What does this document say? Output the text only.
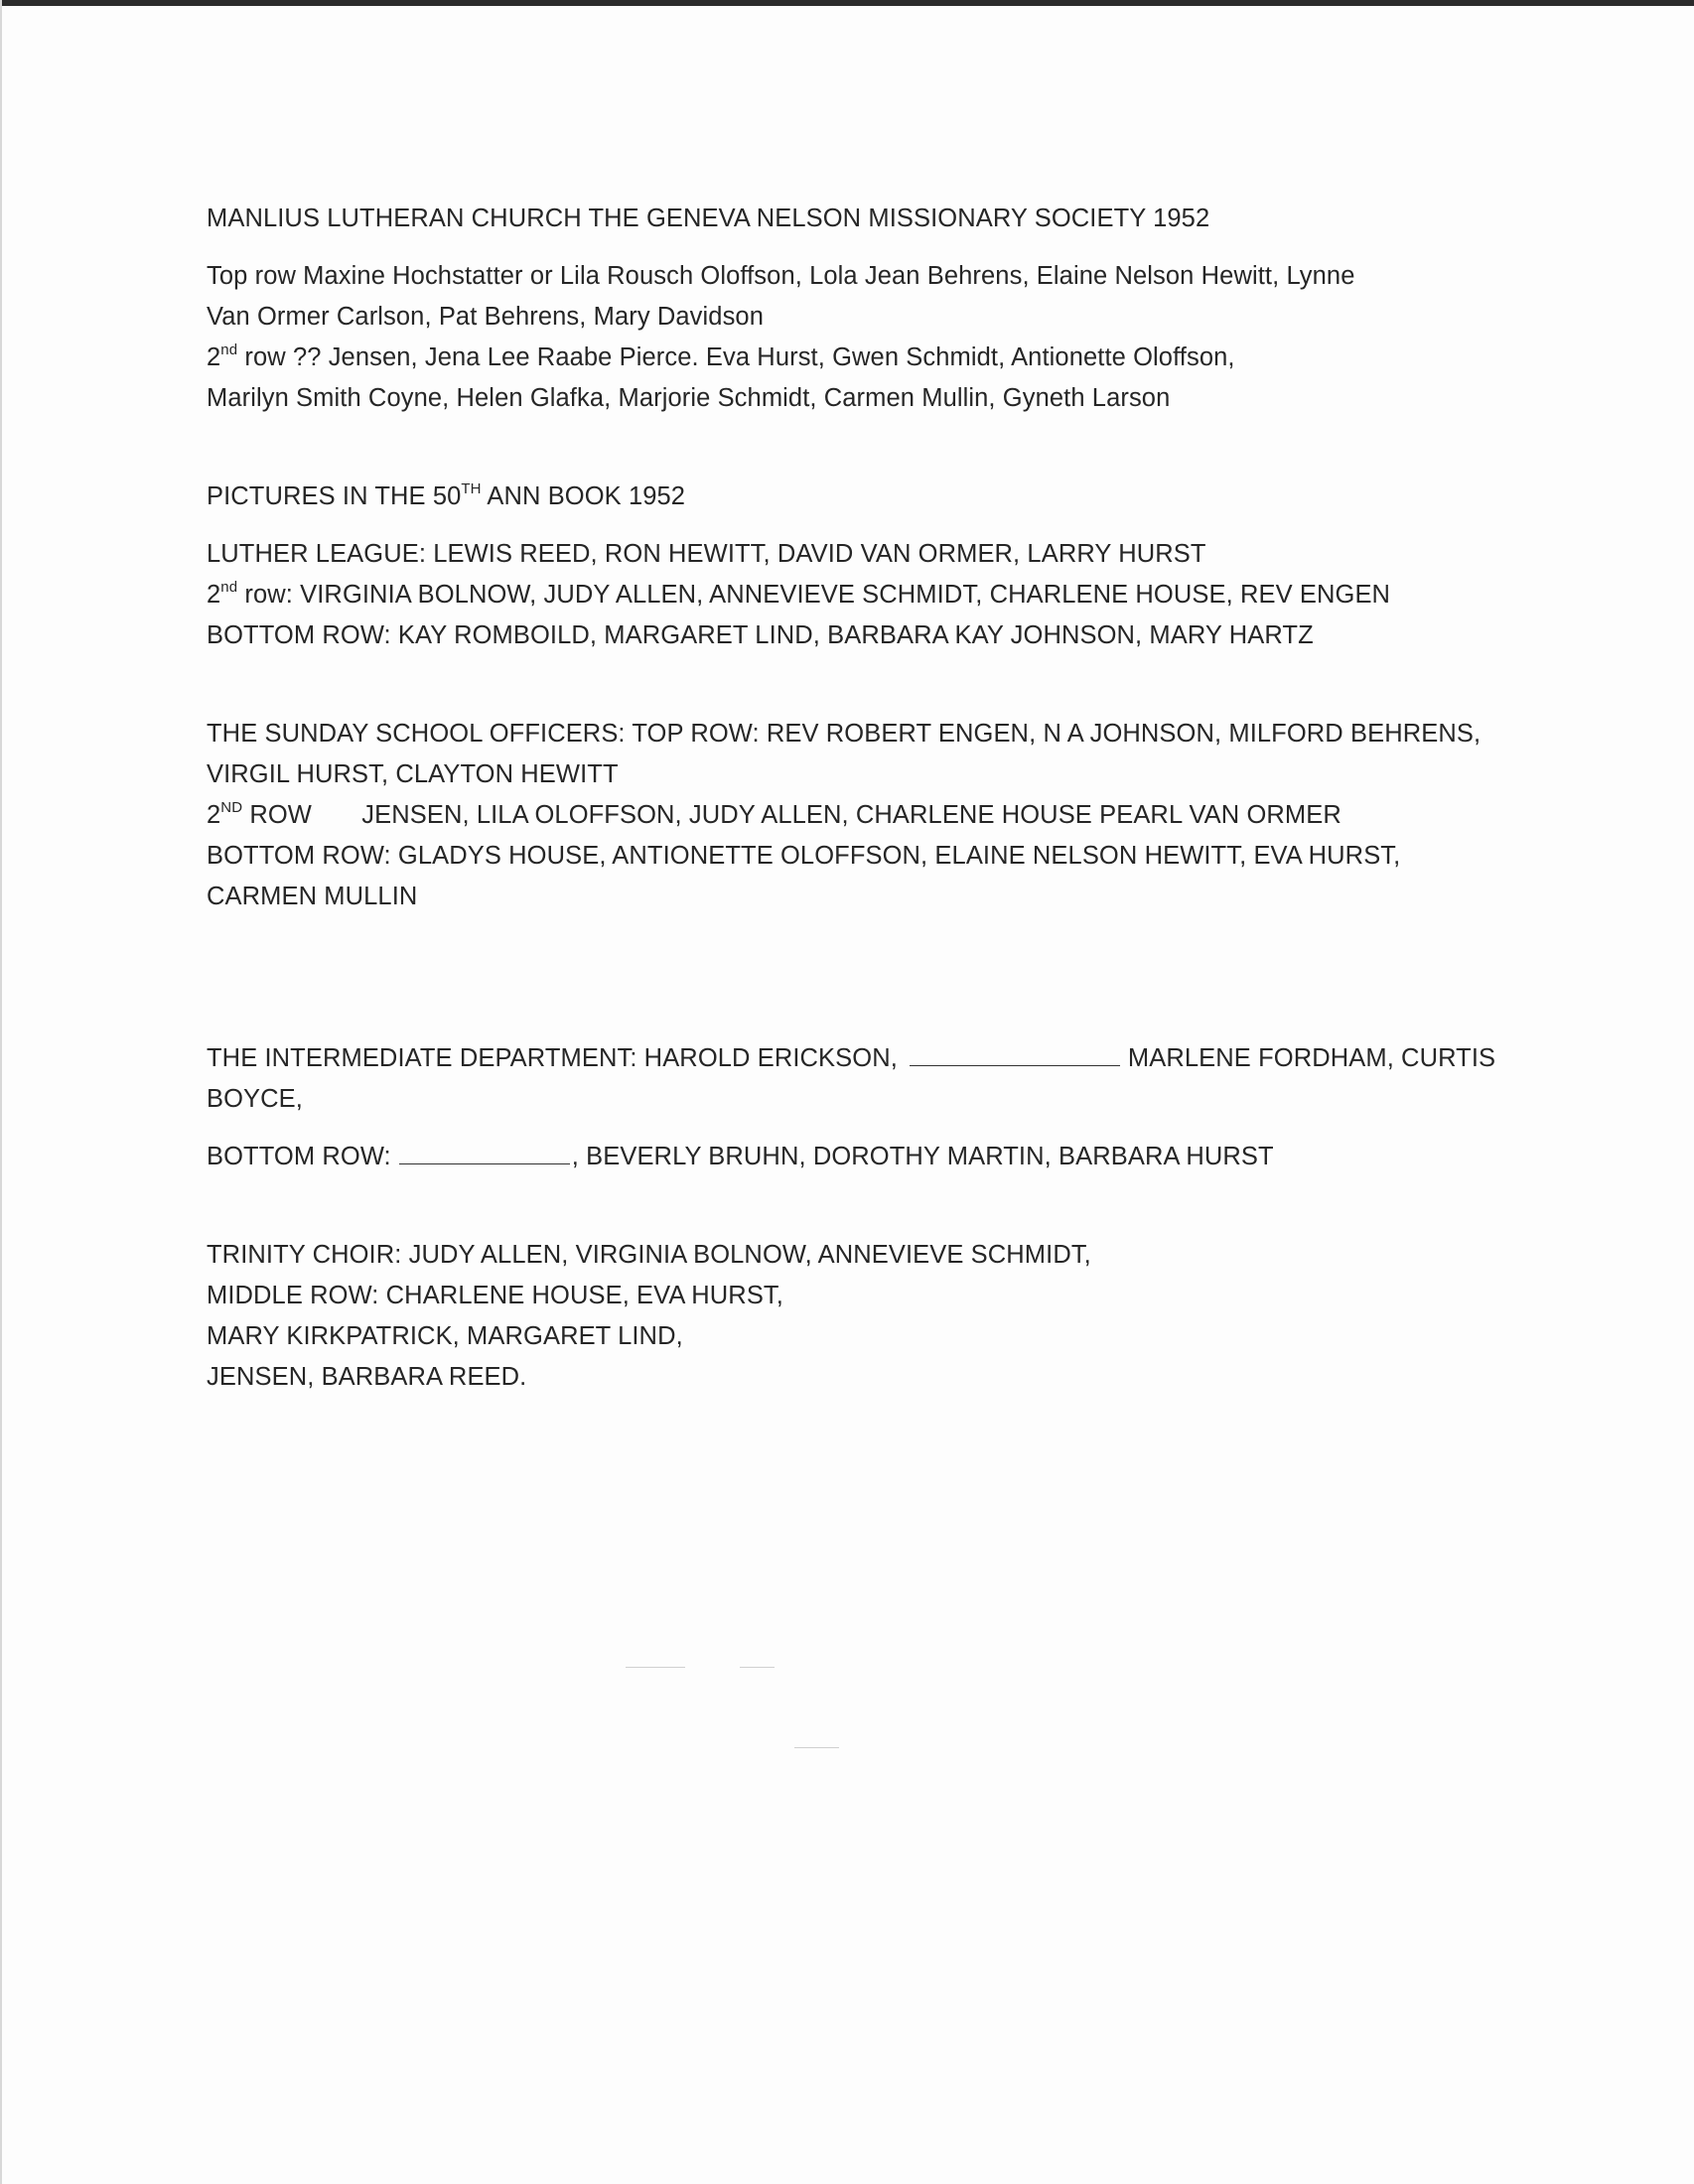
MANLIUS LUTHERAN CHURCH THE GENEVA NELSON MISSIONARY SOCIETY 1952
Top row Maxine Hochstatter or Lila Rousch Oloffson, Lola Jean Behrens, Elaine Nelson Hewitt, Lynne
Van Ormer Carlson, Pat Behrens, Mary Davidson
2nd row ?? Jensen, Jena Lee Raabe Pierce. Eva Hurst, Gwen Schmidt, Antionette Oloffson,
Marilyn Smith Coyne, Helen Glafka, Marjorie Schmidt, Carmen Mullin, Gyneth Larson
PICTURES IN THE 50TH ANN BOOK 1952
LUTHER LEAGUE: LEWIS REED, RON HEWITT, DAVID VAN ORMER, LARRY HURST
2nd row: VIRGINIA BOLNOW, JUDY ALLEN, ANNEVIEVE SCHMIDT, CHARLENE HOUSE, REV ENGEN
BOTTOM ROW: KAY ROMBOILD, MARGARET LIND, BARBARA KAY JOHNSON, MARY HARTZ
THE SUNDAY SCHOOL OFFICERS: TOP ROW: REV ROBERT ENGEN, N A JOHNSON, MILFORD BEHRENS,
VIRGIL HURST, CLAYTON HEWITT
2ND ROW       JENSEN, LILA OLOFFSON, JUDY ALLEN, CHARLENE HOUSE PEARL VAN ORMER
BOTTOM ROW: GLADYS HOUSE, ANTIONETTE OLOFFSON, ELAINE NELSON HEWITT, EVA HURST,
CARMEN MULLIN
THE INTERMEDIATE DEPARTMENT: HAROLD ERICKSON,	MARLENE FORDHAM, CURTIS
BOYCE,
BOTTOM ROW:	, BEVERLY BRUHN, DOROTHY MARTIN, BARBARA HURST
TRINITY CHOIR: JUDY ALLEN, VIRGINIA BOLNOW, ANNEVIEVE SCHMIDT,
MIDDLE ROW: CHARLENE HOUSE, EVA HURST,
MARY KIRKPATRICK, MARGARET LIND,
JENSEN, BARBARA REED.
